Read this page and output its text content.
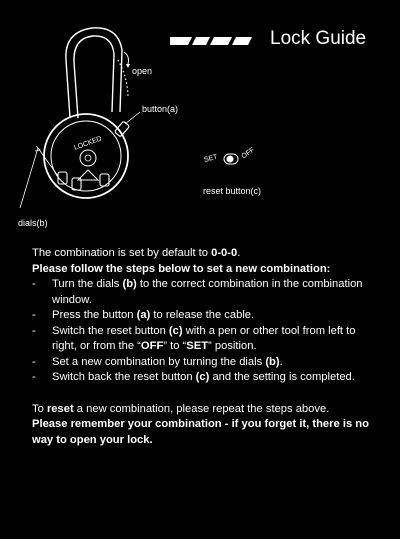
Lock Guide
LOCKED
SET	OFF
open
button(a)
dials(b)
reset button(c)

The combination is set by default to 0-0-0.

Please follow the steps below to set a new combination:

- Turn the dials (b) to the correct combination in the combination window.
- Press the button (a) to release the cable.
- Switch the reset button (c) with a pen or other tool from left to right, or from the “OFF” to “SET” position.
- Set a new combination by turning the dials (b).
- Switch back the reset button (c) and the setting is completed.

To reset a new combination, please repeat the steps above.

Please remember your combination - if you forget it, there is no way to open your lock.
